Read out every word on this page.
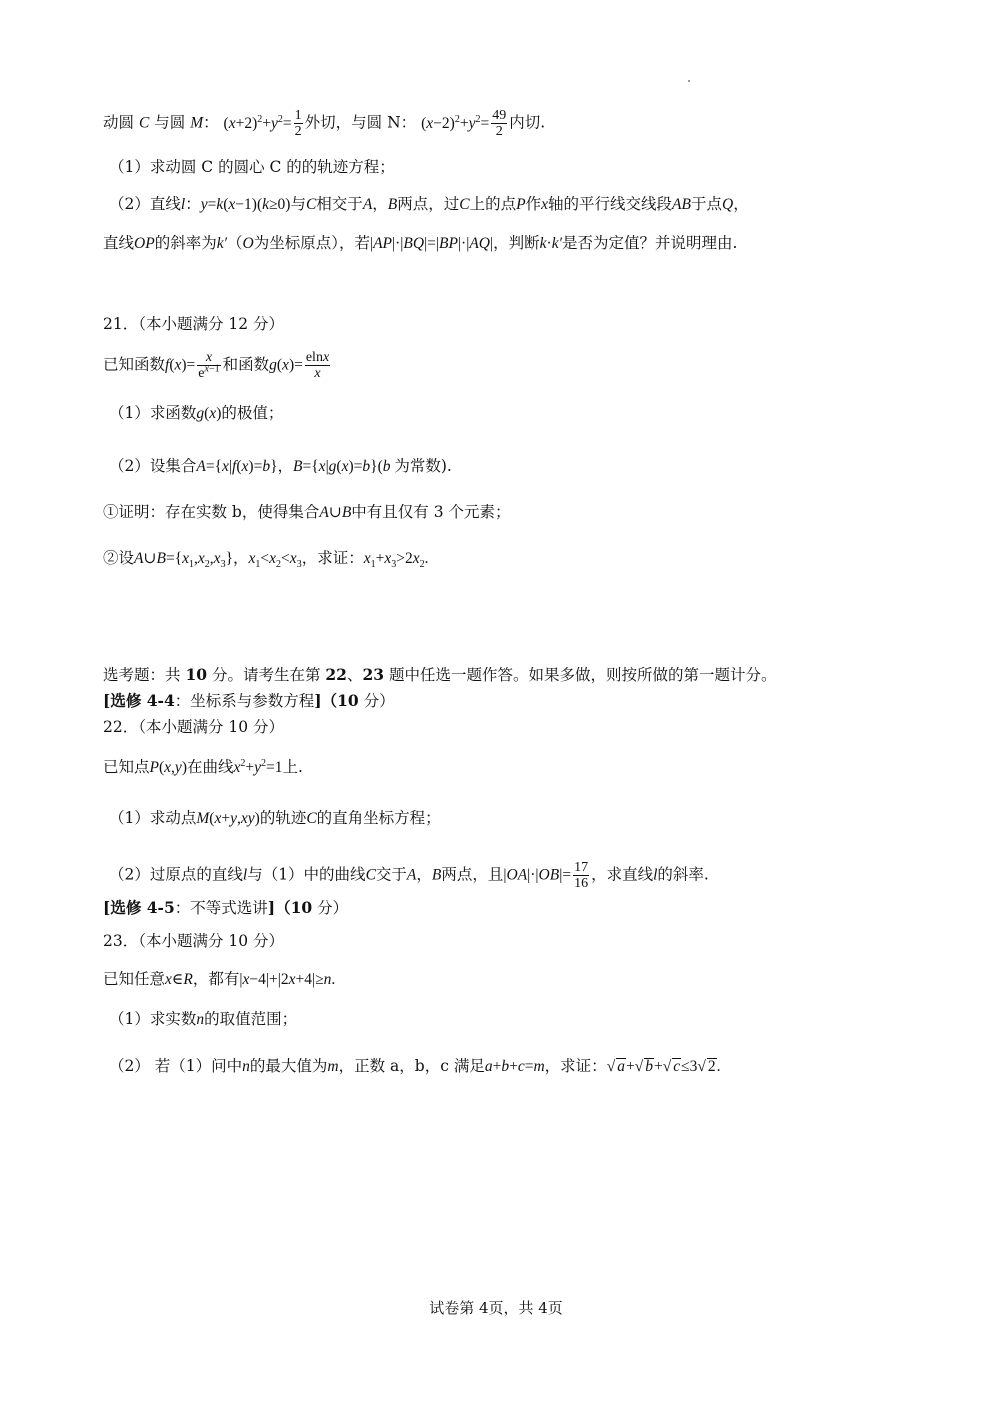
动圆 C 与圆 M： $(x+2)^2+y^2= \frac{1}{2}$ 外切，与圆 N： $(x-2)^2+y^2= \frac{49}{2}$ 内切.
（1）求动圆 C 的圆心 C 的的轨迹方程；
（2）直线l：y=k(x−1)(k≥0)与C相交于A，B两点，过C上的点P作x轴的平行线交线段AB于点Q，
直线OP的斜率为k′（O为坐标原点），若|AP|·|BQ|=|BP|·|AQ|，判断k·k′是否为定值？并说明理由.
21．（本小题满分 12 分）
已知函数$f(x)= \frac{x}{e^{x-1}}$ 和函数$g(x)= \frac{elnx}{x}$
（1）求函数g(x)的极值；
（2）设集合A={x|f(x)=b}，B={x|g(x)=b}(b 为常数).
①证明：存在实数 b，使得集合A∪B中有且仅有 3 个元素；
②设$A\cup B=\{x_1,x_2,x_3\}$，$x_1<x_2<x_3$，求证：$x_1+x_3>2x_2$.
选考题：共 10 分。请考生在第 22、23 题中任选一题作答。如果多做，则按所做的第一题计分。
[选修 4-4：坐标系与参数方程]（10 分）
22．（本小题满分 10 分）
已知点P(x,y)在曲线$x^2+y^2=1$上.
（1）求动点M(x+y,xy)的轨迹C的直角坐标方程；
（2）过原点的直线l与（1）中的曲线C交于A，B两点，且$|OA|\cdot|OB|= \frac{17}{16}$ ，求直线l的斜率.
[选修 4-5：不等式选讲]（10 分）
23．（本小题满分 10 分）
已知任意x∈R，都有|x−4|+|2x+4|≥n.
（1）求实数n的取值范围；
（2） 若（1）问中n的最大值为m，正数 a，b，c 满足a+b+c=m，求证：√ a+√ b+√ c≤3√ 2.
试卷第 4页，共 4页
